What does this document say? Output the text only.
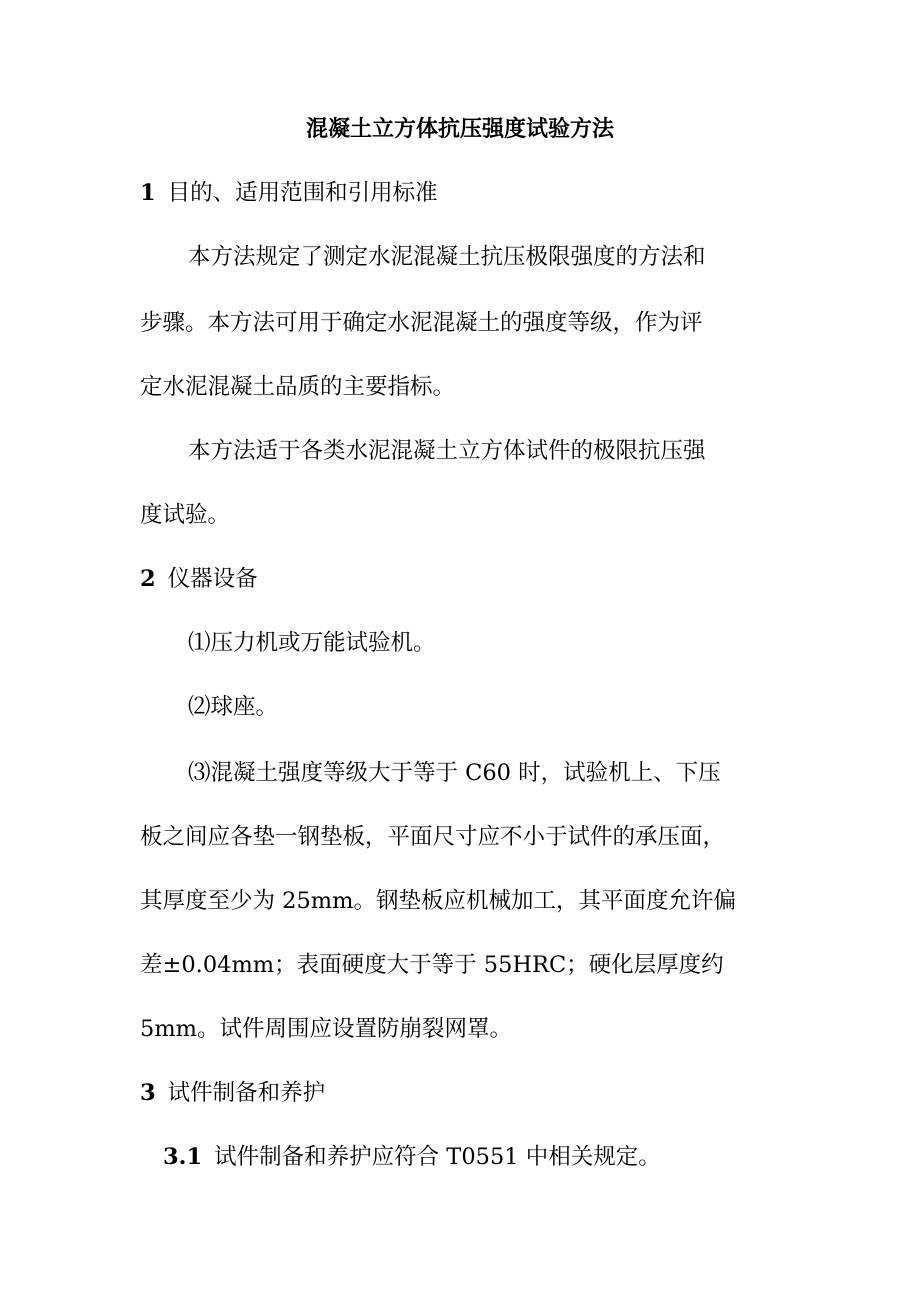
混凝土立方体抗压强度试验方法
1 目的、适用范围和引用标准
本方法规定了测定水泥混凝土抗压极限强度的方法和
步骤。本方法可用于确定水泥混凝土的强度等级，作为评
定水泥混凝土品质的主要指标。
本方法适于各类水泥混凝土立方体试件的极限抗压强
度试验。
2 仪器设备
⑴压力机或万能试验机。
⑵球座。
⑶混凝土强度等级大于等于 C60 时，试验机上、下压
板之间应各垫一钢垫板，平面尺寸应不小于试件的承压面，
其厚度至少为 25mm。钢垫板应机械加工，其平面度允许偏
差±0.04mm；表面硬度大于等于 55HRC；硬化层厚度约
5mm。试件周围应设置防崩裂网罩。
3 试件制备和养护
3.1 试件制备和养护应符合 T0551 中相关规定。
